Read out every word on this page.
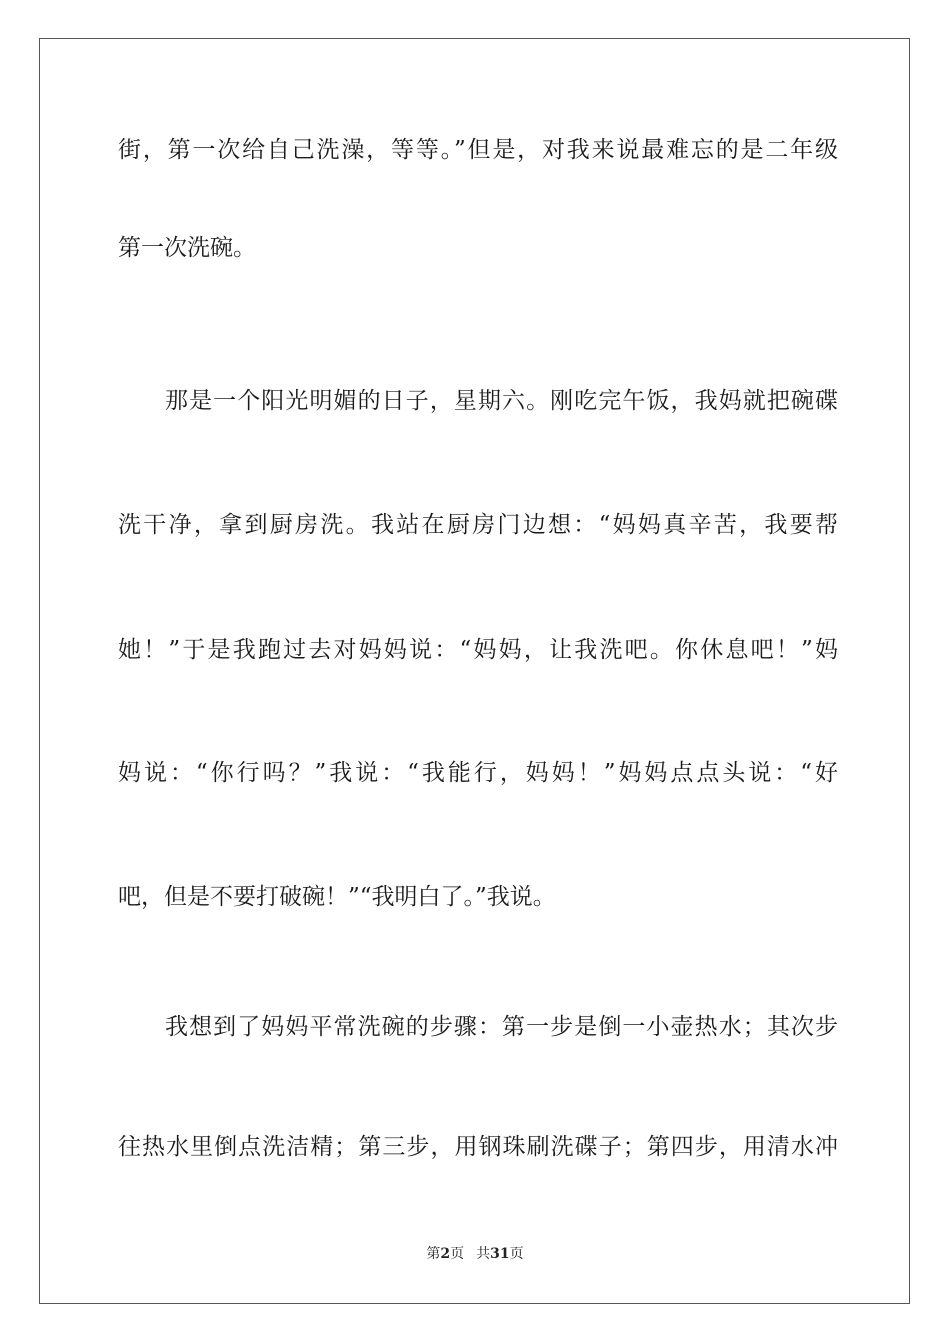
街，第一次给自己洗澡，等等。”但是，对我来说最难忘的是二年级
第一次洗碗。
那是一个阳光明媚的日子，星期六。刚吃完午饭，我妈就把碗碟
洗干净，拿到厨房洗。我站在厨房门边想：“妈妈真辛苦，我要帮
她！”于是我跑过去对妈妈说：“妈妈，让我洗吧。你休息吧！”妈
妈说：“你行吗？”我说：“我能行，妈妈！”妈妈点点头说：“好
吧，但是不要打破碗！”“我明白了。”我说。
我想到了妈妈平常洗碗的步骤：第一步是倒一小壶热水；其次步
往热水里倒点洗洁精；第三步，用钢珠刷洗碟子；第四步，用清水冲
第2页 共31页
